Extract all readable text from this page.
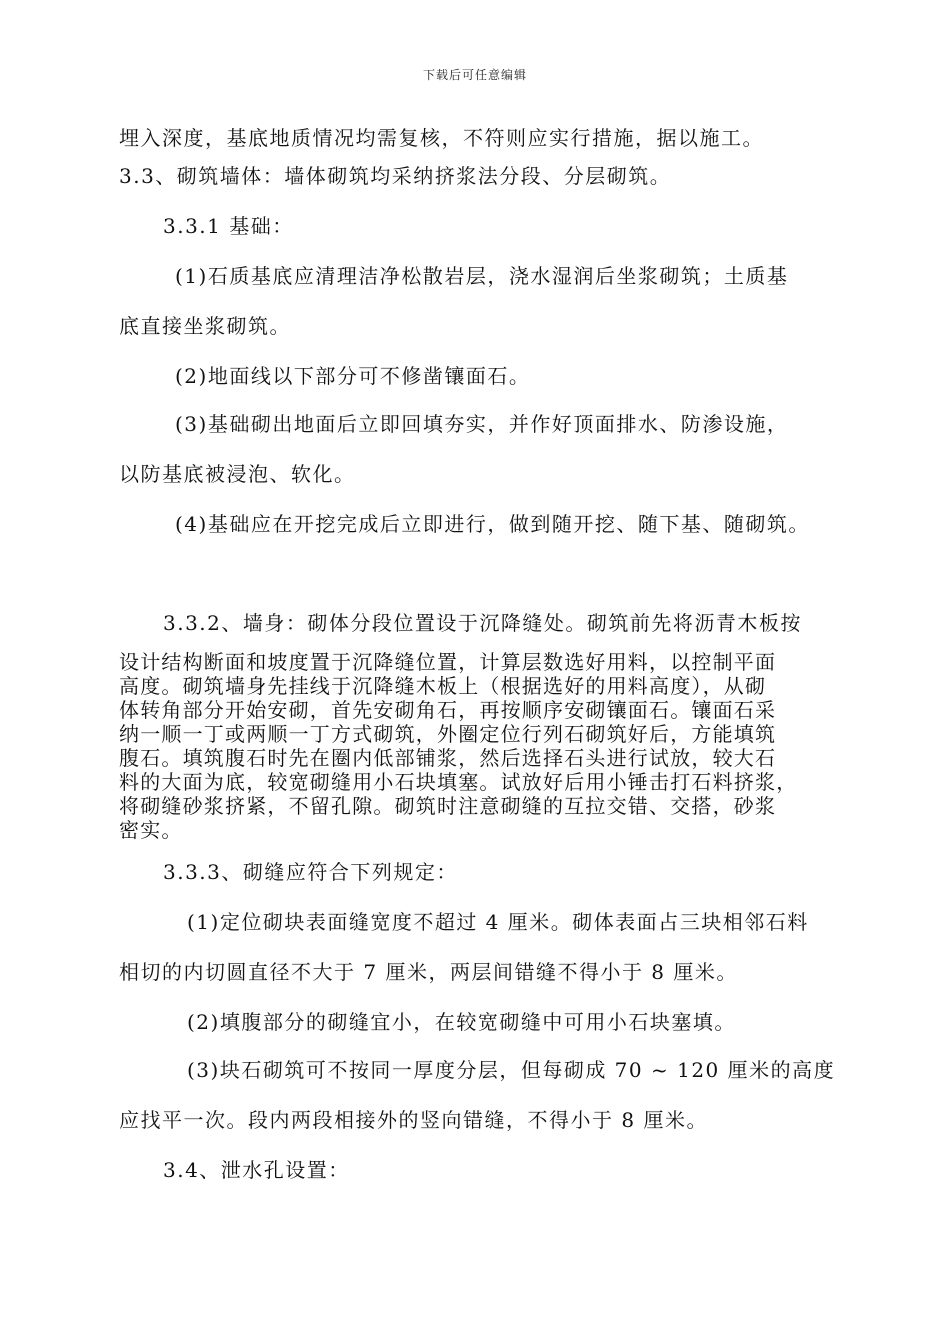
下载后可任意编辑
埋入深度，基底地质情况均需复核，不符则应实行措施，据以施工。
3.3、砌筑墙体：墙体砌筑均采纳挤浆法分段、分层砌筑。
3.3.1 基础：
(1)石质基底应清理洁净松散岩层，浇水湿润后坐浆砌筑；土质基
底直接坐浆砌筑。
(2)地面线以下部分可不修凿镶面石。
(3)基础砌出地面后立即回填夯实，并作好顶面排水、防渗设施，
以防基底被浸泡、软化。
(4)基础应在开挖完成后立即进行，做到随开挖、随下基、随砌筑。
3.3.2、墙身：砌体分段位置设于沉降缝处。砌筑前先将沥青木板按
设计结构断面和坡度置于沉降缝位置，计算层数选好用料，以控制平面
高度。砌筑墙身先挂线于沉降缝木板上（根据选好的用料高度），从砌
体转角部分开始安砌，首先安砌角石，再按顺序安砌镶面石。镶面石采
纳一顺一丁或两顺一丁方式砌筑，外圈定位行列石砌筑好后，方能填筑
腹石。填筑腹石时先在圈内低部铺浆，然后选择石头进行试放，较大石
料的大面为底，较宽砌缝用小石块填塞。试放好后用小锤击打石料挤浆，
将砌缝砂浆挤紧，不留孔隙。砌筑时注意砌缝的互拉交错、交搭，砂浆
密实。
3.3.3、砌缝应符合下列规定：
(1)定位砌块表面缝宽度不超过 4 厘米。砌体表面占三块相邻石料
相切的内切圆直径不大于 7 厘米，两层间错缝不得小于 8 厘米。
(2)填腹部分的砌缝宜小，在较宽砌缝中可用小石块塞填。
(3)块石砌筑可不按同一厚度分层，但每砌成 70 ~ 120 厘米的高度
应找平一次。段内两段相接外的竖向错缝，不得小于 8 厘米。
3.4、泄水孔设置：
